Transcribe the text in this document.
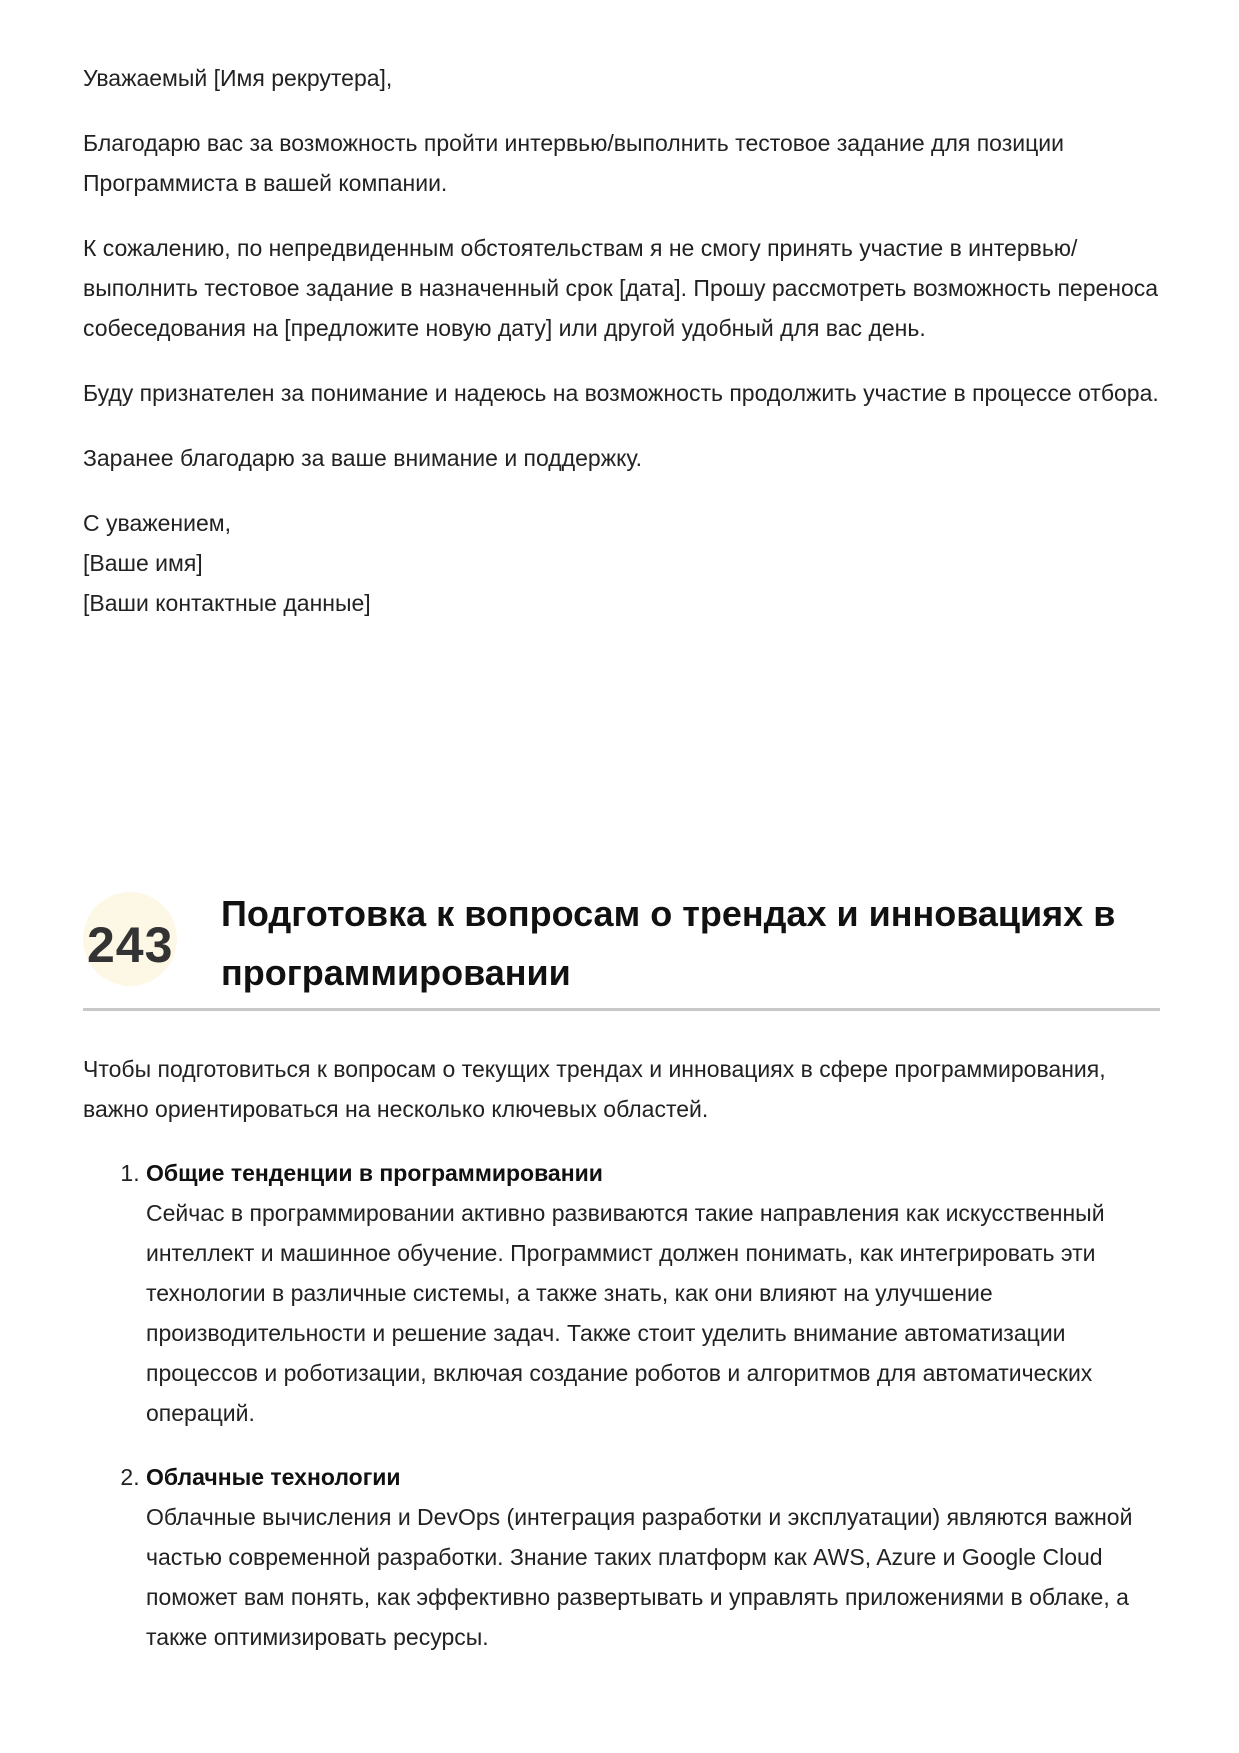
Уважаемый [Имя рекрутера],

Благодарю вас за возможность пройти интервью/выполнить тестовое задание для позиции Программиста в вашей компании.

К сожалению, по непредвиденным обстоятельствам я не смогу принять участие в интервью/выполнить тестовое задание в назначенный срок [дата]. Прошу рассмотреть возможность переноса собеседования на [предложите новую дату] или другой удобный для вас день.

Буду признателен за понимание и надеюсь на возможность продолжить участие в процессе отбора.

Заранее благодарю за ваше внимание и поддержку.

С уважением,
[Ваше имя]
[Ваши контактные данные]
243
Подготовка к вопросам о трендах и инновациях в программировании

Чтобы подготовиться к вопросам о текущих трендах и инновациях в сфере программирования, важно ориентироваться на несколько ключевых областей.

1. Общие тенденции в программировании
Сейчас в программировании активно развиваются такие направления как искусственный интеллект и машинное обучение. Программист должен понимать, как интегрировать эти технологии в различные системы, а также знать, как они влияют на улучшение производительности и решение задач. Также стоит уделить внимание автоматизации процессов и роботизации, включая создание роботов и алгоритмов для автоматических операций.
2. Облачные технологии
Облачные вычисления и DevOps (интеграция разработки и эксплуатации) являются важной частью современной разработки. Знание таких платформ как AWS, Azure и Google Cloud поможет вам понять, как эффективно развертывать и управлять приложениями в облаке, а также оптимизировать ресурсы.
